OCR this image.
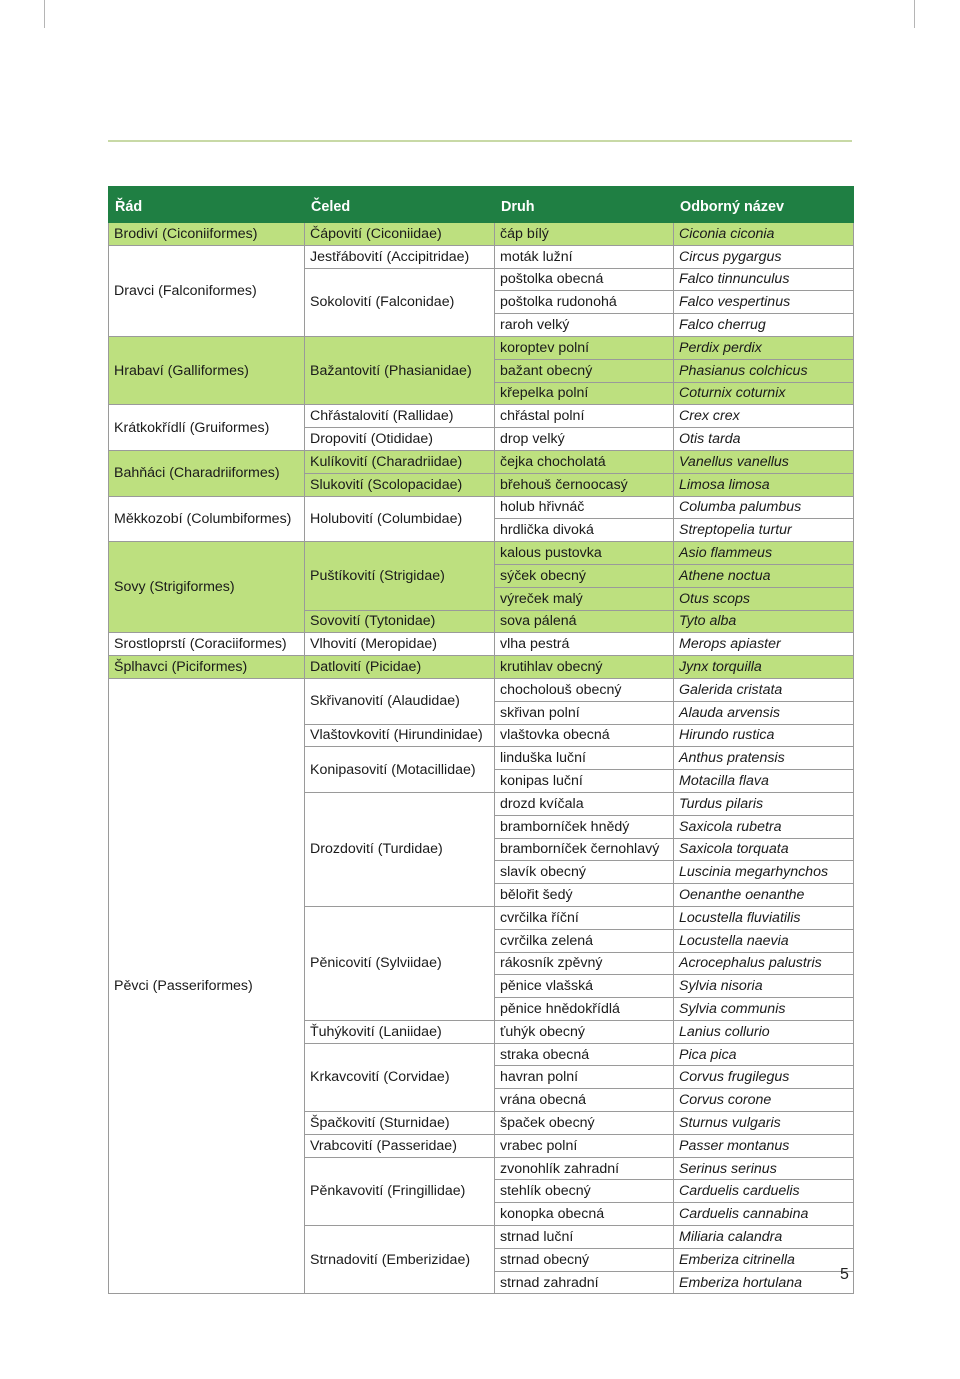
Řád	Čeled	Druh	Odborný název
Brodiví (Ciconiiformes)	Čápovití (Ciconiidae)	čáp bílý	Ciconia ciconia
Dravci (Falconiformes)	Jestřábovití (Accipitridae)	moták lužní	Circus pygargus
	Sokolovití (Falconidae)	poštolka obecná	Falco tinnunculus
		poštolka rudonohá	Falco vespertinus
		raroh velký	Falco cherrug
Hrabaví (Galliformes)	Bažantovití (Phasianidae)	koroptev polní	Perdix perdix
		bažant obecný	Phasianus colchicus
		křepelka polní	Coturnix coturnix
Krátkokřídlí (Gruiformes)	Chřástalovití (Rallidae)	chřástal polní	Crex crex
	Dropovití (Otididae)	drop velký	Otis tarda
Bahňáci (Charadriiformes)	Kulíkovití (Charadriidae)	čejka chocholatá	Vanellus vanellus
	Slukovití (Scolopacidae)	břehouš černoocasý	Limosa limosa
Měkkozobí (Columbiformes)	Holubovití (Columbidae)	holub hřivnáč	Columba palumbus
		hrdlička divoká	Streptopelia turtur
Sovy (Strigiformes)	Puštíkovití (Strigidae)	kalous pustovka	Asio flammeus
		sýček obecný	Athene noctua
		výreček malý	Otus scops
	Sovovití (Tytonidae)	sova pálená	Tyto alba
Srostloprstí (Coraciiformes)	Vlhovití (Meropidae)	vlha pestrá	Merops apiaster
Šplhavci (Piciformes)	Datlovití (Picidae)	krutihlav obecný	Jynx torquilla
Pěvci (Passeriformes)	Skřivanovití (Alaudidae)	chocholouš obecný	Galerida cristata
		skřivan polní	Alauda arvensis
	Vlaštovkovití (Hirundinidae)	vlaštovka obecná	Hirundo rustica
	Konipasovití (Motacillidae)	linduška luční	Anthus pratensis
		konipas luční	Motacilla flava
	Drozdovití (Turdidae)	drozd kvíčala	Turdus pilaris
		bramborníček hnědý	Saxicola rubetra
		bramborníček černohlavý	Saxicola torquata
		slavík obecný	Luscinia megarhynchos
		bělořit šedý	Oenanthe oenanthe
	Pěnicovití (Sylviidae)	cvrčilka říční	Locustella fluviatilis
		cvrčilka zelená	Locustella naevia
		rákosník zpěvný	Acrocephalus palustris
		pěnice vlašská	Sylvia nisoria
		pěnice hnědokřídlá	Sylvia communis
	Ťuhýkovití (Laniidae)	ťuhýk obecný	Lanius collurio
	Krkavcovití (Corvidae)	straka obecná	Pica pica
		havran polní	Corvus frugilegus
		vrána obecná	Corvus corone
	Špačkovití (Sturnidae)	špaček obecný	Sturnus vulgaris
	Vrabcovití (Passeridae)	vrabec polní	Passer montanus
	Pěnkavovití (Fringillidae)	zvonohlík zahradní	Serinus serinus
		stehlík obecný	Carduelis carduelis
		konopka obecná	Carduelis cannabina
	Strnadovití (Emberizidae)	strnad luční	Miliaria calandra
		strnad obecný	Emberiza citrinella
		strnad zahradní	Emberiza hortulana 5
